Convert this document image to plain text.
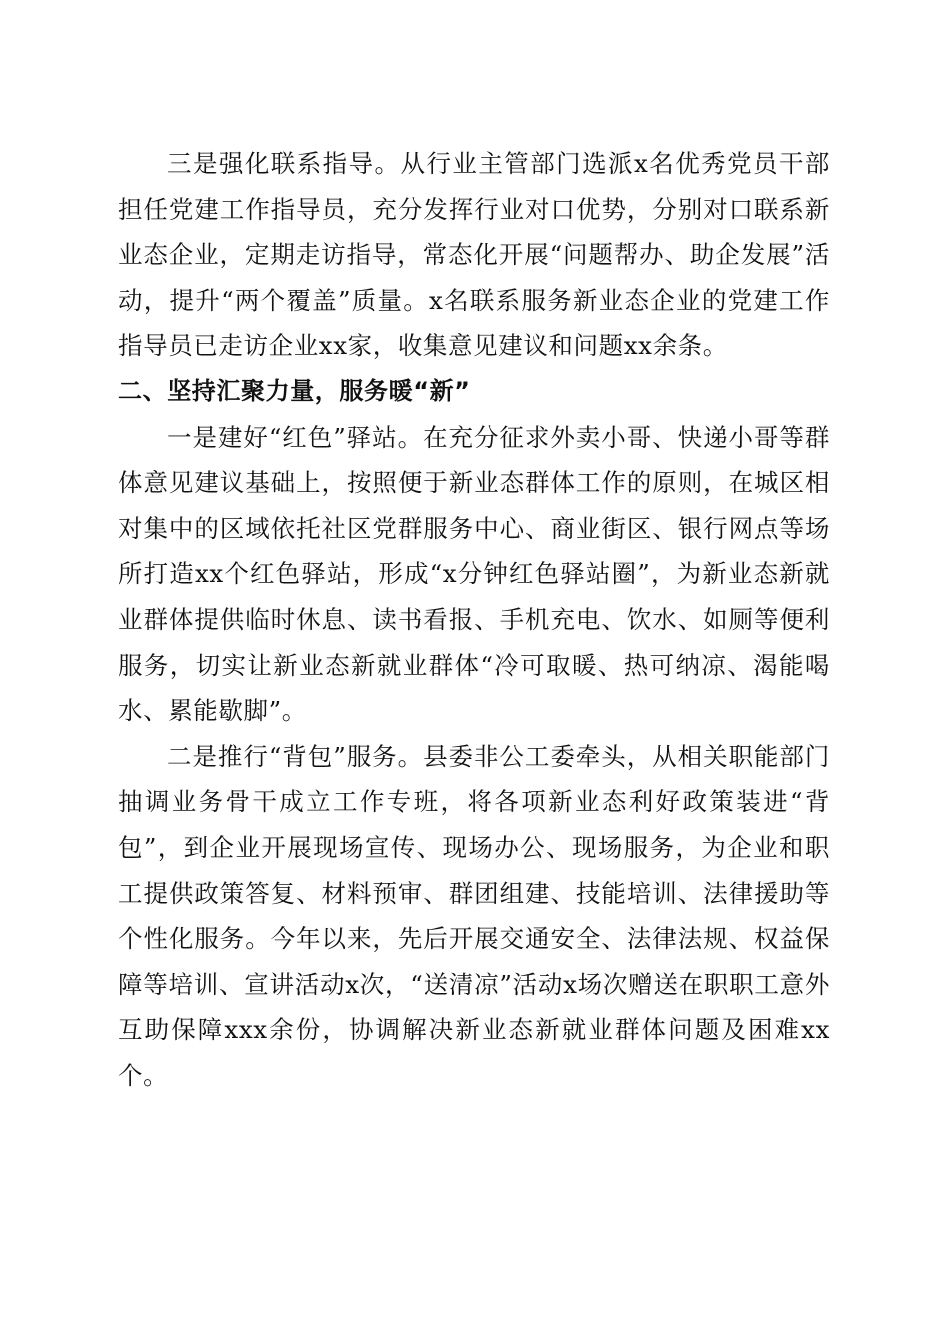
三是强化联系指导。从行业主管部门选派x名优秀党员干部担任党建工作指导员，充分发挥行业对口优势，分别对口联系新业态企业，定期走访指导，常态化开展“问题帮办、助企发展”活动，提升“两个覆盖”质量。x名联系服务新业态企业的党建工作指导员已走访企业xx家，收集意见建议和问题xx余条。

二、坚持汇聚力量，服务暖“新”

一是建好“红色”驿站。在充分征求外卖小哥、快递小哥等群体意见建议基础上，按照便于新业态群体工作的原则，在城区相对集中的区域依托社区党群服务中心、商业街区、银行网点等场所打造xx个红色驿站，形成“x分钟红色驿站圈”，为新业态新就业群体提供临时休息、读书看报、手机充电、饮水、如厕等便利服务，切实让新业态新就业群体“冷可取暖、热可纳凉、渴能喝水、累能歇脚”。

二是推行“背包”服务。县委非公工委牵头，从相关职能部门抽调业务骨干成立工作专班，将各项新业态利好政策装进“背包”，到企业开展现场宣传、现场办公、现场服务，为企业和职工提供政策答复、材料预审、群团组建、技能培训、法律援助等个性化服务。今年以来，先后开展交通安全、法律法规、权益保障等培训、宣讲活动x次，“送清凉”活动x场次赠送在职职工意外互助保障xxx余份，协调解决新业态新就业群体问题及困难xx个。
